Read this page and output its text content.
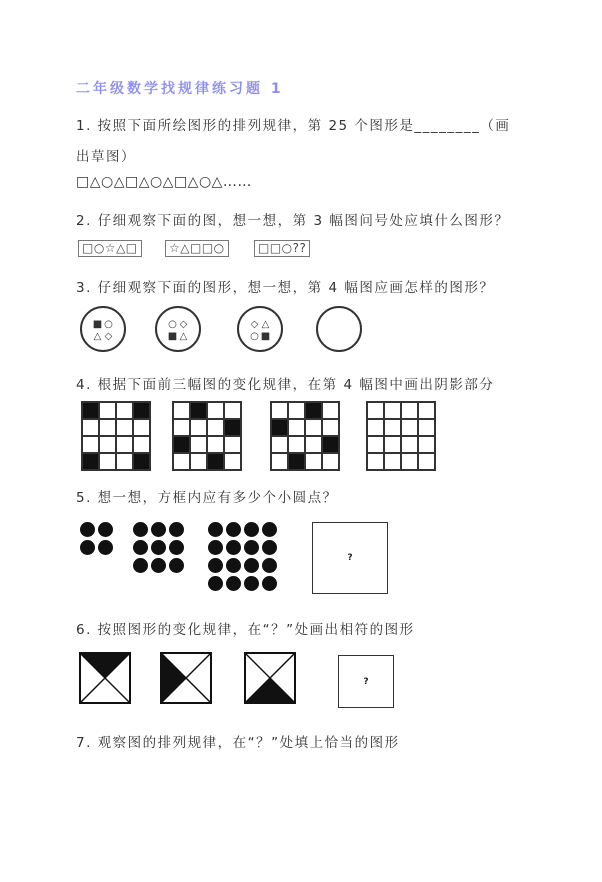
二年级数学找规律练习题 1
1. 按照下面所绘图形的排列规律，第 25 个图形是________（画
出草图）
□△○△□△○△□△○△……
2. 仔细观察下面的图，想一想，第 3 幅图问号处应填什么图形？
□○☆△□	☆△□□○	□□○??
3. 仔细观察下面的图形，想一想，第 4 幅图应画怎样的图形？
■ ○
△ ◇
○ ◇
■ △
◇ △
○ ■
4. 根据下面前三幅图的变化规律，在第 4 幅图中画出阴影部分
5. 想一想，方框内应有多少个小圆点？
?
6. 按照图形的变化规律，在“？”处画出相符的图形
?
7. 观察图的排列规律，在“？”处填上恰当的图形
